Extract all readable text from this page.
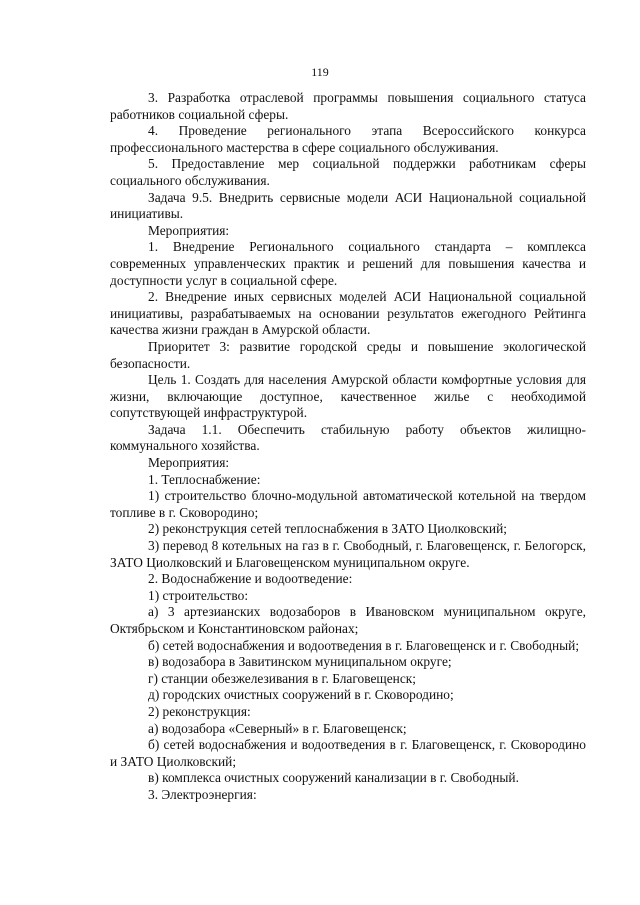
119

3. Разработка отраслевой программы повышения социального статуса работников социальной сферы.

4. Проведение регионального этапа Всероссийского конкурса профессионального мастерства в сфере социального обслуживания.

5. Предоставление мер социальной поддержки работникам сферы социального обслуживания.

Задача 9.5. Внедрить сервисные модели АСИ Национальной социальной инициативы.

Мероприятия:

1. Внедрение Регионального социального стандарта – комплекса современных управленческих практик и решений для повышения качества и доступности услуг в социальной сфере.

2. Внедрение иных сервисных моделей АСИ Национальной социальной инициативы, разрабатываемых на основании результатов ежегодного Рейтинга качества жизни граждан в Амурской области.

Приоритет 3: развитие городской среды и повышение экологической безопасности.

Цель 1. Создать для населения Амурской области комфортные условия для жизни, включающие доступное, качественное жилье с необходимой сопутствующей инфраструктурой.

Задача 1.1. Обеспечить стабильную работу объектов жилищно-коммунального хозяйства.

Мероприятия:

1. Теплоснабжение:

1) строительство блочно-модульной автоматической котельной на твердом топливе в г. Сковородино;

2) реконструкция сетей теплоснабжения в ЗАТО Циолковский;

3) перевод 8 котельных на газ в г. Свободный, г. Благовещенск, г. Белогорск, ЗАТО Циолковский и Благовещенском муниципальном округе.

2. Водоснабжение и водоотведение:

1) строительство:

а) 3 артезианских водозаборов в Ивановском муниципальном округе, Октябрьском и Константиновском районах;

б) сетей водоснабжения и водоотведения в г. Благовещенск и г. Свободный;

в) водозабора в Завитинском муниципальном округе;

г) станции обезжелезивания в г. Благовещенск;

д) городских очистных сооружений в г. Сковородино;

2) реконструкция:

а) водозабора «Северный» в г. Благовещенск;

б) сетей водоснабжения и водоотведения в г. Благовещенск, г. Сковородино и ЗАТО Циолковский;

в) комплекса очистных сооружений канализации в г. Свободный.

3. Электроэнергия:
